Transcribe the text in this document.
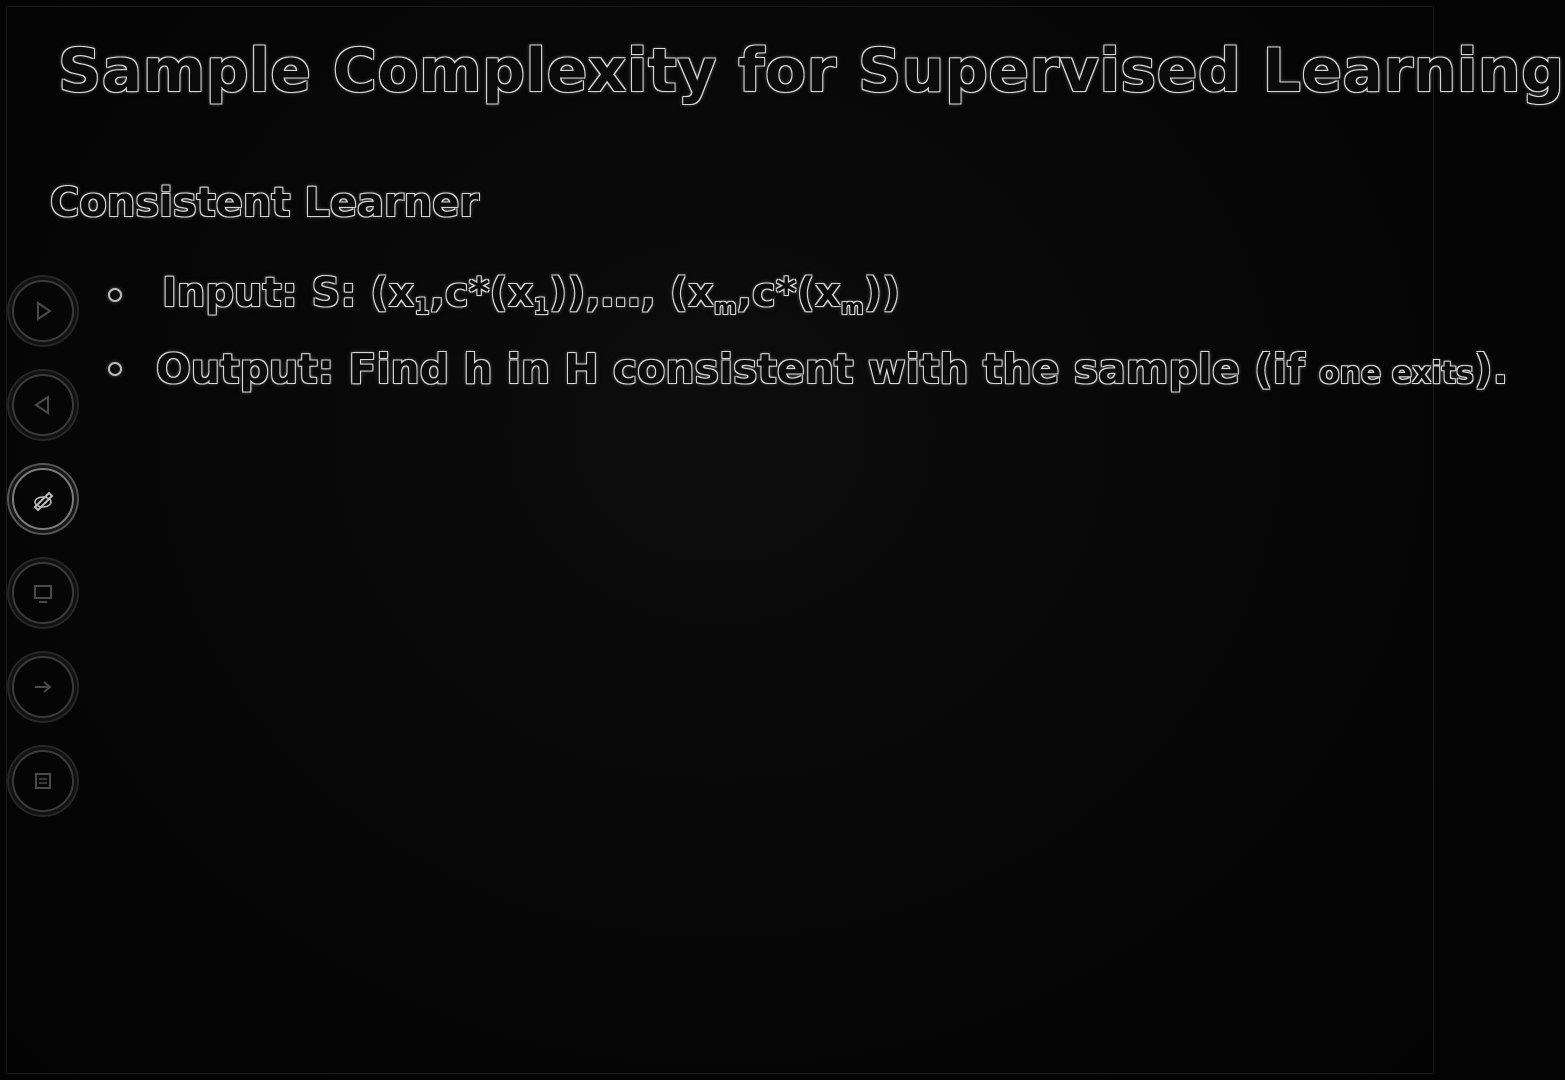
Sample Complexity for Supervised Learning
Consistent Learner
Input: S: $(x_1,c*(x_1)),\dots$, $(x_m,c*(x_m))$
Output: Find h in H consistent with the sample (if one exits).
